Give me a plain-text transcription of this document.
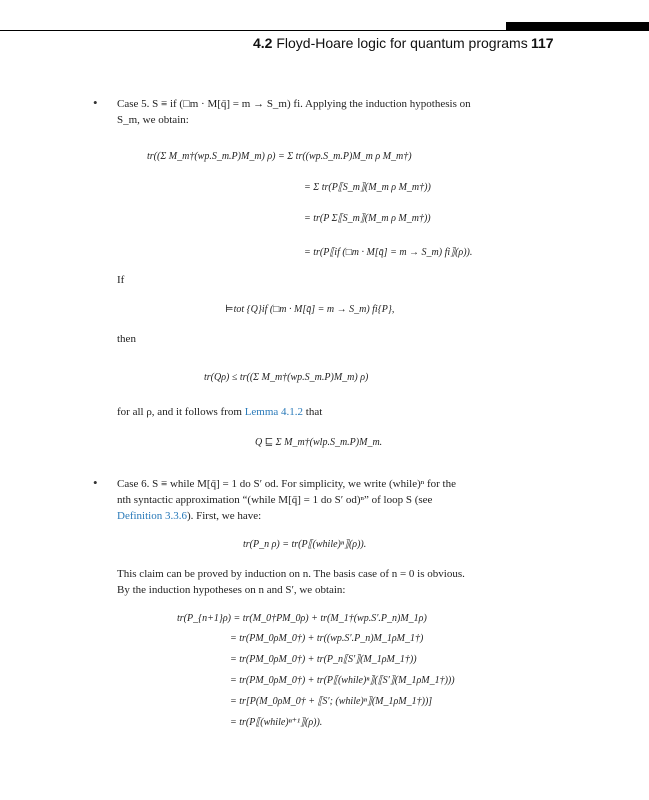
4.2 Floyd-Hoare logic for quantum programs 117
• Case 5. S ≡ if (□m · M[q̄] = m → S_m) fi. Applying the induction hypothesis on
S_m, we obtain:
tr((Σ M_m†(wp.S_m.P)M_m) ρ) = Σ tr((wp.S_m.P)M_m ρ M_m†)
= Σ tr(P⟦S_m⟧(M_m ρ M_m†))
= tr(P Σ⟦S_m⟧(M_m ρ M_m†))
= tr(P⟦if (□m · M[q̄] = m → S_m) fi⟧(ρ)).
If
⊨tot {Q}if (□m · M[q̄] = m → S_m) fi{P},
then
tr(Qρ) ≤ tr((Σ M_m†(wp.S_m.P)M_m) ρ)
for all ρ, and it follows from Lemma 4.1.2 that
Q ⊑ Σ M_m†(wlp.S_m.P)M_m.
• Case 6. S ≡ while M[q̄] = 1 do S′ od. For simplicity, we write (while)ⁿ for the
nth syntactic approximation “(while M[q̄] = 1 do S′ od)ⁿ” of loop S (see
Definition 3.3.6). First, we have:
tr(P_n ρ) = tr(P⟦(while)ⁿ⟧(ρ)).
This claim can be proved by induction on n. The basis case of n = 0 is obvious.
By the induction hypotheses on n and S′, we obtain:
tr(P_{n+1}ρ) = tr(M_0†PM_0ρ) + tr(M_1†(wp.S′.P_n)M_1ρ)
= tr(PM_0ρM_0†) + tr((wp.S′.P_n)M_1ρM_1†)
= tr(PM_0ρM_0†) + tr(P_n⟦S′⟧(M_1ρM_1†))
= tr(PM_0ρM_0†) + tr(P⟦(while)ⁿ⟧(⟦S′⟧(M_1ρM_1†)))
= tr[P(M_0ρM_0† + ⟦S′; (while)ⁿ⟧(M_1ρM_1†))]
= tr(P⟦(while)ⁿ⁺¹⟧(ρ)).
